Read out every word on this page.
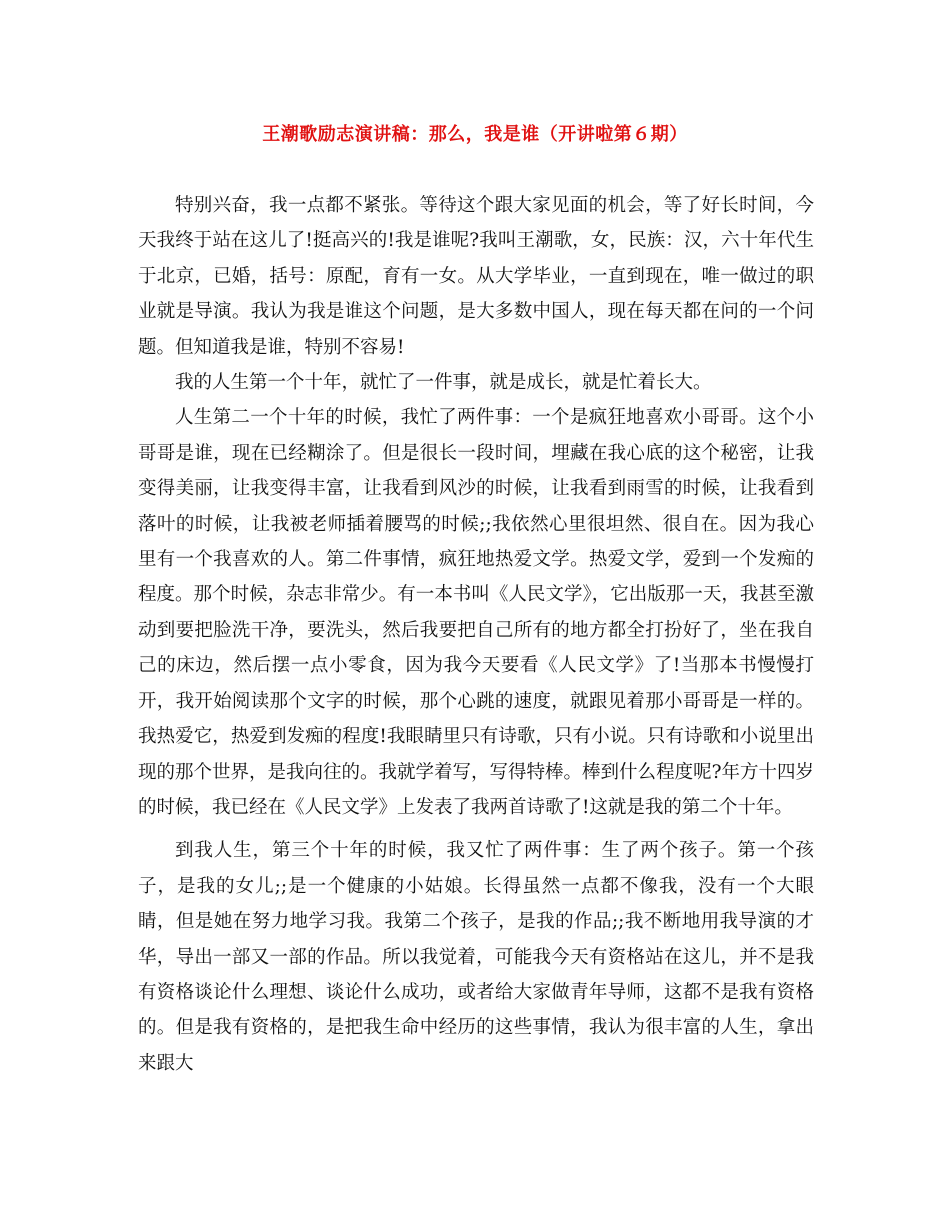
王潮歌励志演讲稿：那么，我是谁（开讲啦第６期）

特别兴奋，我一点都不紧张。等待这个跟大家见面的机会，等了好长时间，今天我终于站在这儿了!挺高兴的!我是谁呢?我叫王潮歌，女，民族：汉，六十年代生于北京，已婚，括号：原配，育有一女。从大学毕业，一直到现在，唯一做过的职业就是导演。我认为我是谁这个问题，是大多数中国人，现在每天都在问的一个问题。但知道我是谁，特别不容易!

我的人生第一个十年，就忙了一件事，就是成长，就是忙着长大。

人生第二一个十年的时候，我忙了两件事：一个是疯狂地喜欢小哥哥。这个小哥哥是谁，现在已经糊涂了。但是很长一段时间，埋藏在我心底的这个秘密，让我变得美丽，让我变得丰富，让我看到风沙的时候，让我看到雨雪的时候，让我看到落叶的时候，让我被老师插着腰骂的时候;;我依然心里很坦然、很自在。因为我心里有一个我喜欢的人。第二件事情，疯狂地热爱文学。热爱文学，爱到一个发痴的程度。那个时候，杂志非常少。有一本书叫《人民文学》，它出版那一天，我甚至激动到要把脸洗干净，要洗头，然后我要把自己所有的地方都全打扮好了，坐在我自己的床边，然后摆一点小零食，因为我今天要看《人民文学》了!当那本书慢慢打开，我开始阅读那个文字的时候，那个心跳的速度，就跟见着那小哥哥是一样的。我热爱它，热爱到发痴的程度!我眼睛里只有诗歌，只有小说。只有诗歌和小说里出现的那个世界，是我向往的。我就学着写，写得特棒。棒到什么程度呢?年方十四岁的时候，我已经在《人民文学》上发表了我两首诗歌了!这就是我的第二个十年。

到我人生，第三个十年的时候，我又忙了两件事：生了两个孩子。第一个孩子，是我的女儿;;是一个健康的小姑娘。长得虽然一点都不像我，没有一个大眼睛，但是她在努力地学习我。我第二个孩子，是我的作品;;我不断地用我导演的才华，导出一部又一部的作品。所以我觉着，可能我今天有资格站在这儿，并不是我有资格谈论什么理想、谈论什么成功，或者给大家做青年导师，这都不是我有资格的。但是我有资格的，是把我生命中经历的这些事情，我认为很丰富的人生，拿出来跟大
